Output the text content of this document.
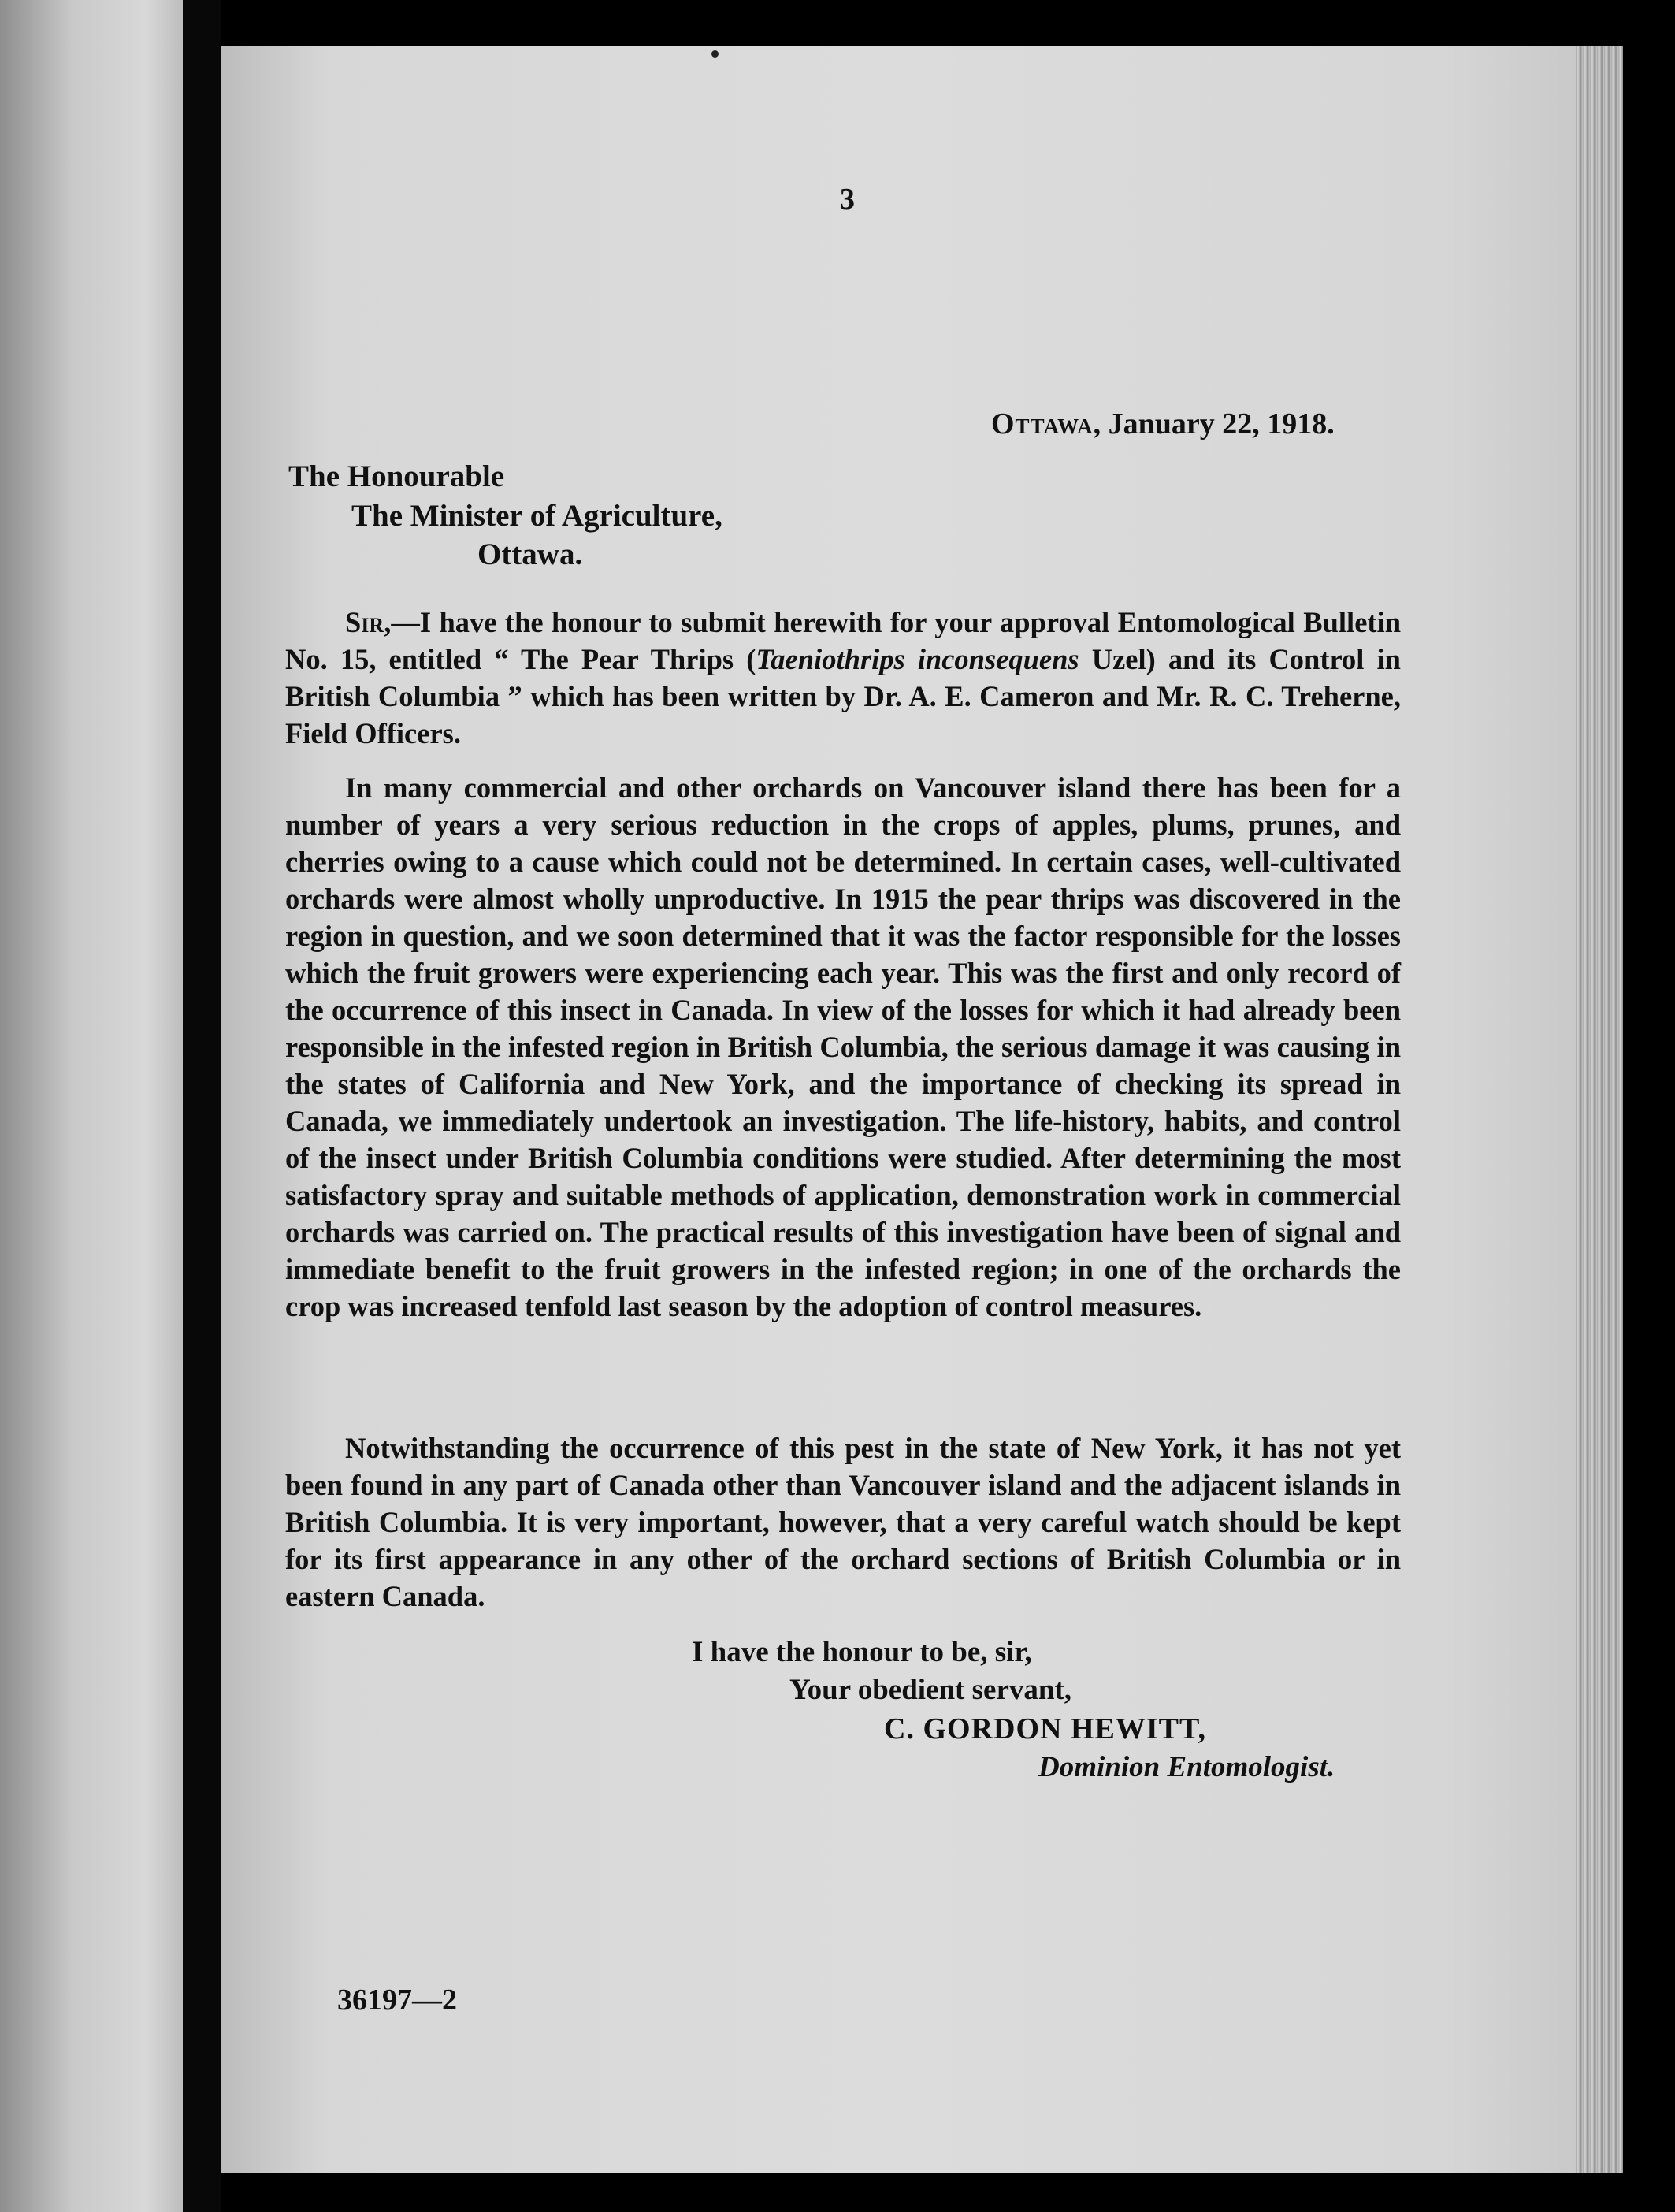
3
Ottawa, January 22, 1918.
The Honourable
The Minister of Agriculture,
Ottawa.
Sir,—I have the honour to submit herewith for your approval Entomological Bulletin No. 15, entitled “ The Pear Thrips (Taeniothrips inconsequens Uzel) and its Control in British Columbia ” which has been written by Dr. A. E. Cameron and Mr. R. C. Treherne, Field Officers.
In many commercial and other orchards on Vancouver island there has been for a number of years a very serious reduction in the crops of apples, plums, prunes, and cherries owing to a cause which could not be determined. In certain cases, well-cultivated orchards were almost wholly unproductive. In 1915 the pear thrips was discovered in the region in question, and we soon determined that it was the factor responsible for the losses which the fruit growers were experiencing each year. This was the first and only record of the occurrence of this insect in Canada. In view of the losses for which it had already been responsible in the infested region in British Columbia, the serious damage it was causing in the states of California and New York, and the importance of checking its spread in Canada, we immediately undertook an investigation. The life-history, habits, and control of the insect under British Columbia conditions were studied. After determining the most satisfactory spray and suitable methods of application, demonstration work in commercial orchards was carried on. The practical results of this investigation have been of signal and immediate benefit to the fruit growers in the infested region; in one of the orchards the crop was increased tenfold last season by the adoption of control measures.
Notwithstanding the occurrence of this pest in the state of New York, it has not yet been found in any part of Canada other than Vancouver island and the adjacent islands in British Columbia. It is very important, however, that a very careful watch should be kept for its first appearance in any other of the orchard sections of British Columbia or in eastern Canada.
I have the honour to be, sir,
Your obedient servant,
C. GORDON HEWITT,
Dominion Entomologist.
36197—2
